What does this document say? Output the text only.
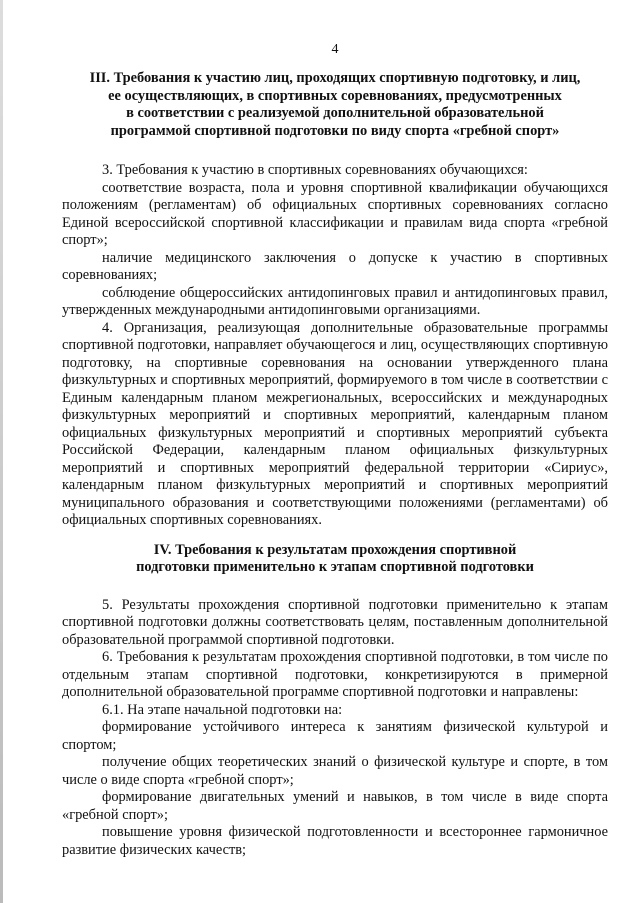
4
III. Требования к участию лиц, проходящих спортивную подготовку, и лиц,
ее осуществляющих, в спортивных соревнованиях, предусмотренных
в соответствии с реализуемой дополнительной образовательной
программой спортивной подготовки по виду спорта «гребной спорт»

3. Требования к участию в спортивных соревнованиях обучающихся:

соответствие возраста, пола и уровня спортивной квалификации обучающихся положениям (регламентам) об официальных спортивных соревнованиях согласно Единой всероссийской спортивной классификации и правилам вида спорта «гребной спорт»;

наличие медицинского заключения о допуске к участию в спортивных соревнованиях;

соблюдение общероссийских антидопинговых правил и антидопинговых правил, утвержденных международными антидопинговыми организациями.

4. Организация, реализующая дополнительные образовательные программы спортивной подготовки, направляет обучающегося и лиц, осуществляющих спортивную подготовку, на спортивные соревнования на основании утвержденного плана физкультурных и спортивных мероприятий, формируемого в том числе в соответствии с Единым календарным планом межрегиональных, всероссийских и международных физкультурных мероприятий и спортивных мероприятий, календарным планом официальных физкультурных мероприятий и спортивных мероприятий субъекта Российской Федерации, календарным планом официальных физкультурных мероприятий и спортивных мероприятий федеральной территории «Сириус», календарным планом физкультурных мероприятий и спортивных мероприятий муниципального образования и соответствующими положениями (регламентами) об официальных спортивных соревнованиях.

IV. Требования к результатам прохождения спортивной
подготовки применительно к этапам спортивной подготовки

5. Результаты прохождения спортивной подготовки применительно к этапам спортивной подготовки должны соответствовать целям, поставленным дополнительной образовательной программой спортивной подготовки.

6. Требования к результатам прохождения спортивной подготовки, в том числе по отдельным этапам спортивной подготовки, конкретизируются в примерной дополнительной образовательной программе спортивной подготовки и направлены:

6.1. На этапе начальной подготовки на:

формирование устойчивого интереса к занятиям физической культурой и спортом;

получение общих теоретических знаний о физической культуре и спорте, в том числе о виде спорта «гребной спорт»;

формирование двигательных умений и навыков, в том числе в виде спорта «гребной спорт»;

повышение уровня физической подготовленности и всестороннее гармоничное развитие физических качеств;
